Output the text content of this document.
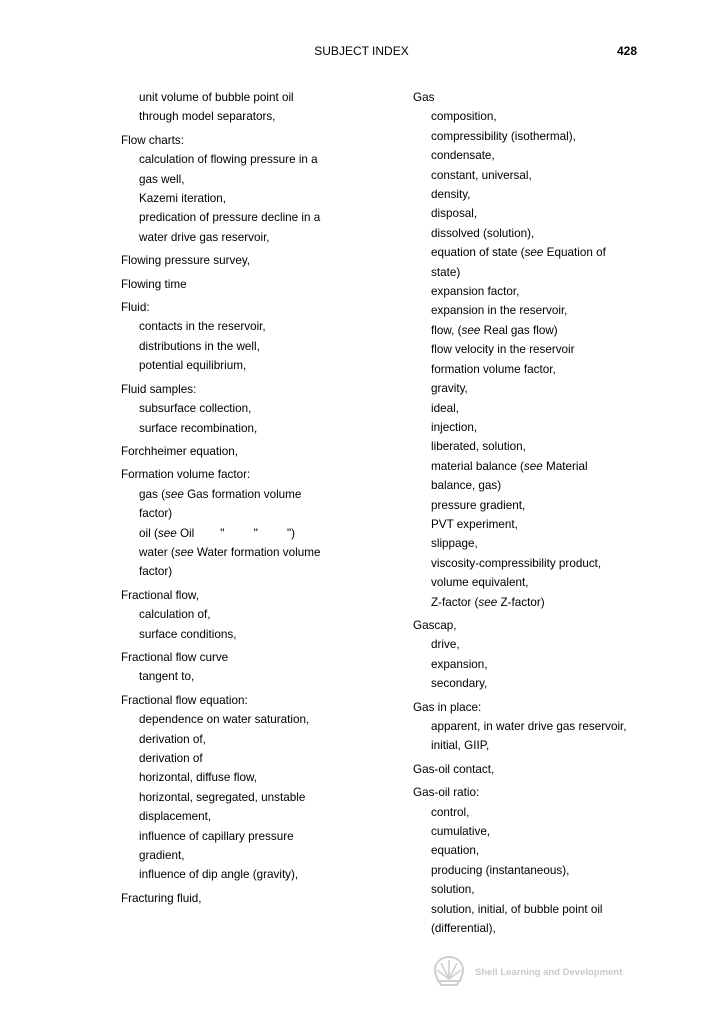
SUBJECT INDEX	428
unit volume of bubble point oil
through model separators,
Flow charts:
calculation of flowing pressure in a
gas well,
Kazemi iteration,
predication of pressure decline in a
water drive gas reservoir,
Flowing pressure survey,
Flowing time
Fluid:
contacts in the reservoir,
distributions in the well,
potential equilibrium,
Fluid samples:
subsurface collection,
surface recombination,
Forchheimer equation,
Formation volume factor:
gas (see Gas formation volume
factor)
oil (see Oil        "         "         ")
water (see Water formation volume
factor)
Fractional flow,
calculation of,
surface conditions,
Fractional flow curve
tangent to,
Fractional flow equation:
dependence on water saturation,
derivation of,
derivation of
horizontal, diffuse flow,
horizontal, segregated, unstable
displacement,
influence of capillary pressure
gradient,
influence of dip angle (gravity),
Fracturing fluid,
Gas
composition,
compressibility (isothermal),
condensate,
constant, universal,
density,
disposal,
dissolved (solution),
equation of state (see Equation of
state)
expansion factor,
expansion in the reservoir,
flow, (see Real gas flow)
flow velocity in the reservoir
formation volume factor,
gravity,
ideal,
injection,
liberated, solution,
material balance (see Material
balance, gas)
pressure gradient,
PVT experiment,
slippage,
viscosity-compressibility product,
volume equivalent,
Z-factor (see Z-factor)
Gascap,
drive,
expansion,
secondary,
Gas in place:
apparent, in water drive gas reservoir,
initial, GIIP,
Gas-oil contact,
Gas-oil ratio:
control,
cumulative,
equation,
producing (instantaneous),
solution,
solution, initial, of bubble point oil
(differential),
Shell Learning and Development
